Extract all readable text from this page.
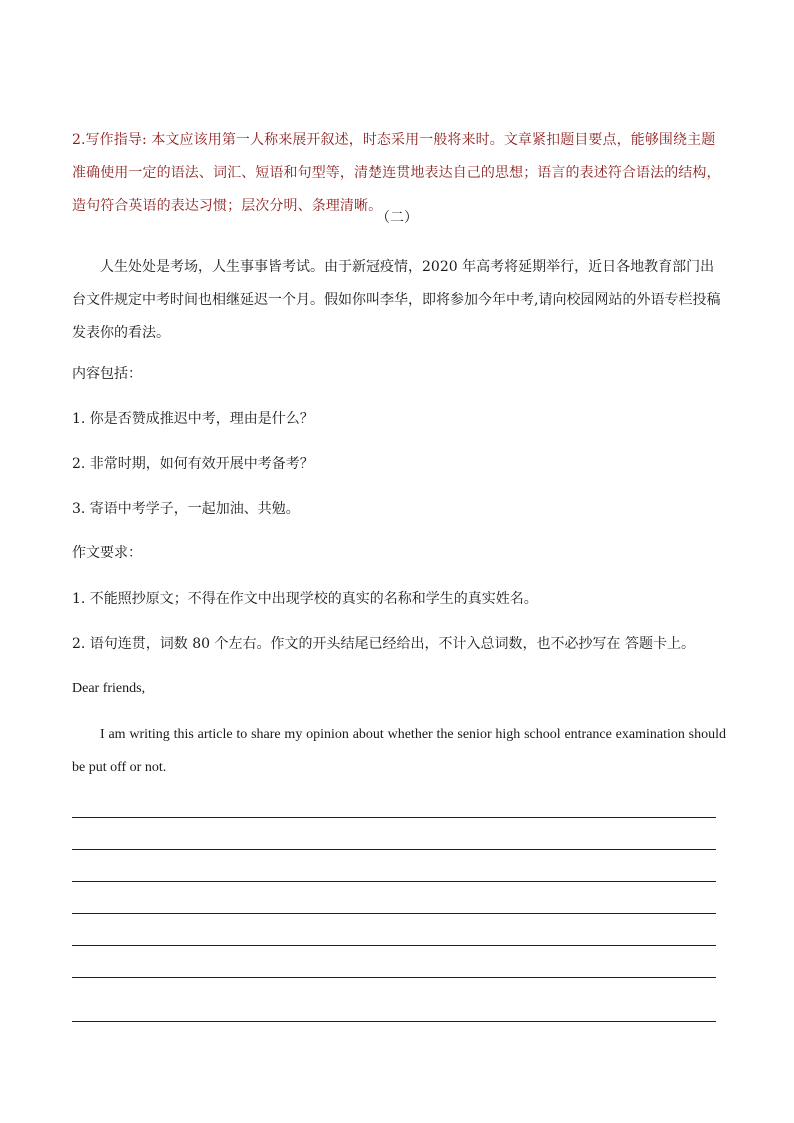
2.写作指导: 本文应该用第一人称来展开叙述，时态采用一般将来时。文章紧扣题目要点，能够围绕主题准确使用一定的语法、词汇、短语和句型等，清楚连贯地表达自己的思想；语言的表述符合语法的结构，造句符合英语的表达习惯；层次分明、条理清晰。

（二）

人生处处是考场，人生事事皆考试。由于新冠疫情，2020 年高考将延期举行，近日各地教育部门出台文件规定中考时间也相继延迟一个月。假如你叫李华，即将参加今年中考,请向校园网站的外语专栏投稿发表你的看法。

内容包括：

1. 你是否赞成推迟中考，理由是什么？

2. 非常时期，如何有效开展中考备考？

3. 寄语中考学子，一起加油、共勉。

作文要求：

1. 不能照抄原文；不得在作文中出现学校的真实的名称和学生的真实姓名。

2. 语句连贯，词数 80 个左右。作文的开头结尾已经给出，不计入总词数，也不必抄写在 答题卡上。

Dear friends,

I am writing this article to share my opinion about whether the senior high school entrance examination should be put off or not.
